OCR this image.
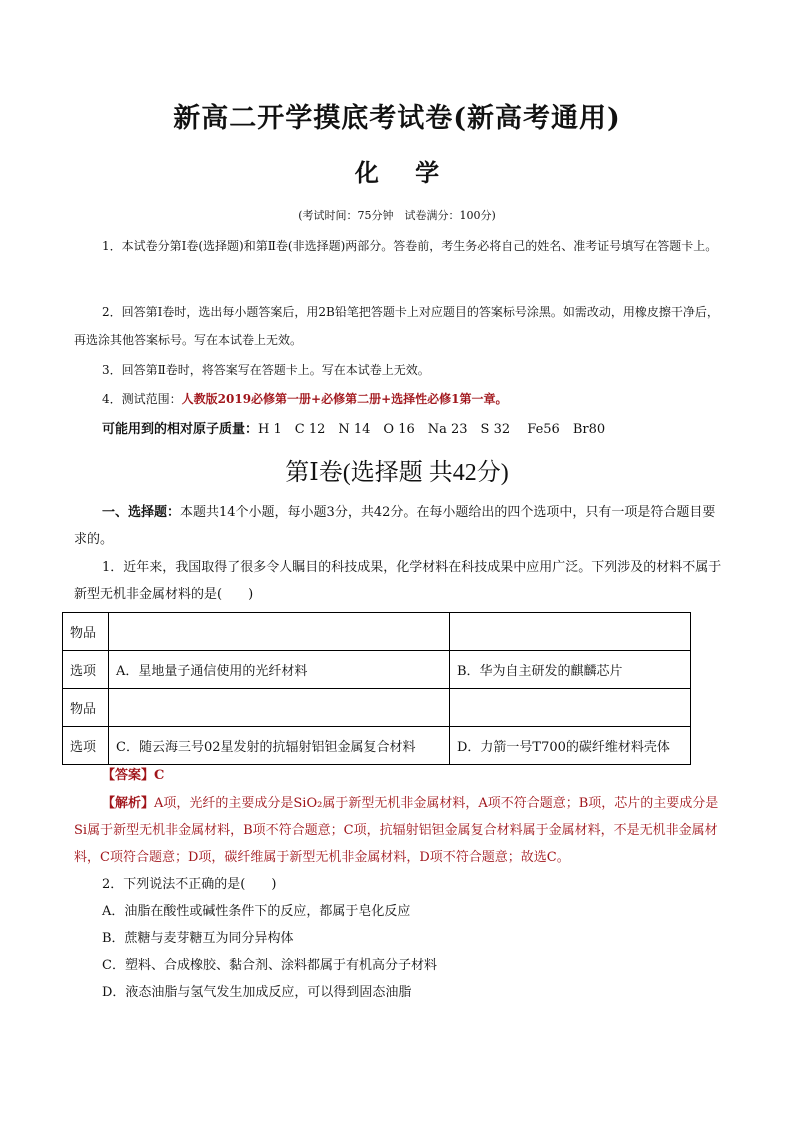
新高二开学摸底考试卷(新高考通用)
化 学
(考试时间：75分钟　试卷满分：100分)
1．本试卷分第Ⅰ卷(选择题)和第Ⅱ卷(非选择题)两部分。答卷前，考生务必将自己的姓名、准考证号填写在答题卡上。
2．回答第Ⅰ卷时，选出每小题答案后，用2B铅笔把答题卡上对应题目的答案标号涂黑。如需改动，用橡皮擦干净后，再选涂其他答案标号。写在本试卷上无效。
3．回答第Ⅱ卷时，将答案写在答题卡上。写在本试卷上无效。
4．测试范围：人教版2019必修第一册+必修第二册+选择性必修1第一章。
可能用到的相对原子质量：H 1　C 12　N 14　O 16　Na 23　S 32　 Fe56　Br80
第Ⅰ卷(选择题 共42分)
一、选择题：本题共14个小题，每小题3分，共42分。在每小题给出的四个选项中，只有一项是符合题目要求的。
1．近年来，我国取得了很多令人瞩目的科技成果，化学材料在科技成果中应用广泛。下列涉及的材料不属于新型无机非金属材料的是(　　)
物品		
选项	A．星地量子通信使用的光纤材料	B．华为自主研发的麒麟芯片
物品		
选项	C．随云海三号02星发射的抗辐射铝钽金属复合材料	D．力箭一号T700的碳纤维材料壳体
【答案】C
【解析】A项，光纤的主要成分是SiO₂属于新型无机非金属材料，A项不符合题意；B项，芯片的主要成分是Si属于新型无机非金属材料，B项不符合题意；C项，抗辐射铝钽金属复合材料属于金属材料，不是无机非金属材料，C项符合题意；D项，碳纤维属于新型无机非金属材料，D项不符合题意；故选C。
2．下列说法不正确的是(　　)
A．油脂在酸性或碱性条件下的反应，都属于皂化反应
B．蔗糖与麦芽糖互为同分异构体
C．塑料、合成橡胶、黏合剂、涂料都属于有机高分子材料
D．液态油脂与氢气发生加成反应，可以得到固态油脂
